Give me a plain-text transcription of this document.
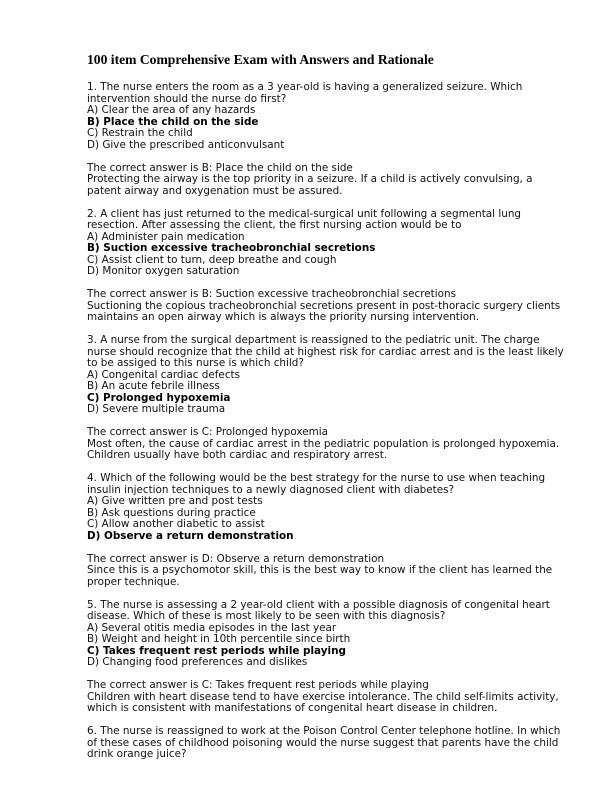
100 item Comprehensive Exam with Answers and Rationale
1. The nurse enters the room as a 3 year-old is having a generalized seizure. Which intervention should the nurse do first?
A) Clear the area of any hazards
B) Place the child on the side
C) Restrain the child
D) Give the prescribed anticonvulsant
The correct answer is B: Place the child on the side
Protecting the airway is the top priority in a seizure. If a child is actively convulsing, a patent airway and oxygenation must be assured.
2. A client has just returned to the medical-surgical unit following a segmental lung resection. After assessing the client, the first nursing action would be to
A) Administer pain medication
B) Suction excessive tracheobronchial secretions
C) Assist client to turn, deep breathe and cough
D) Monitor oxygen saturation
The correct answer is B: Suction excessive tracheobronchial secretions
Suctioning the copious tracheobronchial secretions present in post-thoracic surgery clients maintains an open airway which is always the priority nursing intervention.
3. A nurse from the surgical department is reassigned to the pediatric unit. The charge nurse should recognize that the child at highest risk for cardiac arrest and is the least likely to be assiged to this nurse is which child?
A) Congenital cardiac defects
B) An acute febrile illness
C) Prolonged hypoxemia
D) Severe multiple trauma
The correct answer is C: Prolonged hypoxemia
Most often, the cause of cardiac arrest in the pediatric population is prolonged hypoxemia. Children usually have both cardiac and respiratory arrest.
4. Which of the following would be the best strategy for the nurse to use when teaching insulin injection techniques to a newly diagnosed client with diabetes?
A) Give written pre and post tests
B) Ask questions during practice
C) Allow another diabetic to assist
D) Observe a return demonstration
The correct answer is D: Observe a return demonstration
Since this is a psychomotor skill, this is the best way to know if the client has learned the proper technique.
5. The nurse is assessing a 2 year-old client with a possible diagnosis of congenital heart disease. Which of these is most likely to be seen with this diagnosis?
A) Several otitis media episodes in the last year
B) Weight and height in 10th percentile since birth
C) Takes frequent rest periods while playing
D) Changing food preferences and dislikes
The correct answer is C: Takes frequent rest periods while playing
Children with heart disease tend to have exercise intolerance. The child self-limits activity, which is consistent with manifestations of congenital heart disease in children.
6. The nurse is reassigned to work at the Poison Control Center telephone hotline. In which of these cases of childhood poisoning would the nurse suggest that parents have the child drink orange juice?
